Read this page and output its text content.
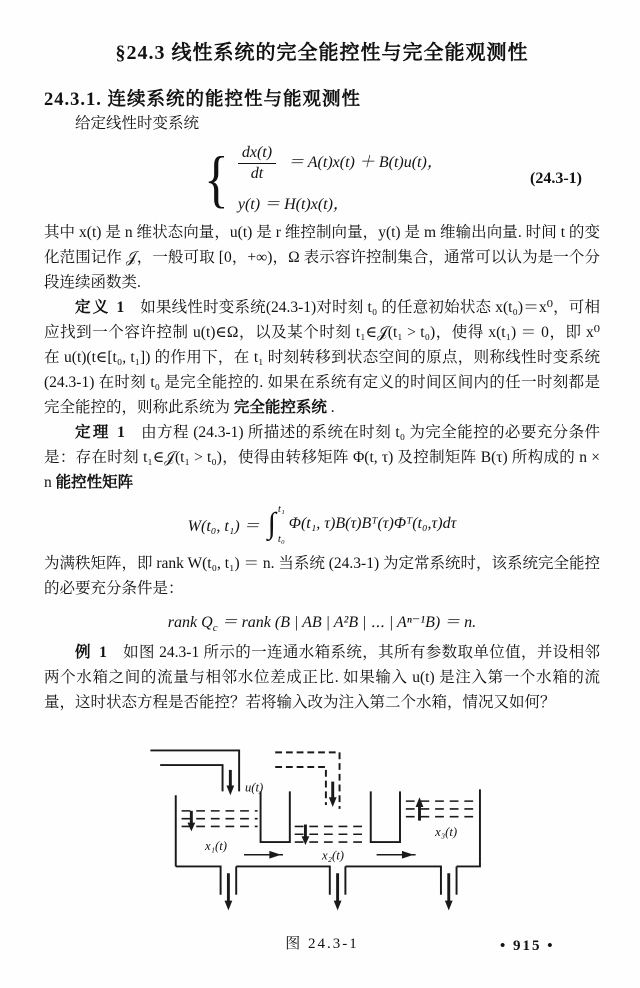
§24.3 线性系统的完全能控性与完全能观测性
24.3.1. 连续系统的能控性与能观测性

给定线性时变系统

{ $\frac{dx(t)}{dt} = A(t)x(t) + B(t)u(t)$，
y(t) ＝ H(t)x(t)，
(24.3-1)

其中 x(t) 是 n 维状态向量，u(t) 是 r 维控制向量，y(t) 是 m 维输出向量. 时间 t 的变化范围记作 𝒥，一般可取 [0，+∞)，Ω 表示容许控制集合，通常可以认为是一个分段连续函数类.

定义 1 如果线性时变系统(24.3-1)对时刻 t₀ 的任意初始状态 x(t₀)＝x⁰，可相应找到一个容许控制 u(t)∈Ω，以及某个时刻 t₁∈𝒥(t₁ > t₀)，使得 x(t₁) ＝ 0，即 x⁰ 在 u(t)(t∈[t₀, t₁]) 的作用下，在 t₁ 时刻转移到状态空间的原点，则称线性时变系统 (24.3-1) 在时刻 t₀ 是完全能控的. 如果在系统有定义的时间区间内的任一时刻都是完全能控的，则称此系统为 完全能控系统 .

定理 1 由方程 (24.3-1) 所描述的系统在时刻 t₀ 为完全能控的必要充分条件是：存在时刻 t₁∈𝒥(t₁ > t₀)，使得由转移矩阵 Φ(t, τ) 及控制矩阵 B(τ) 所构成的 n × n 能控性矩阵

W(t₀, t₁) ＝ ∫ t₁
t₀
Φ(t₁, τ)B(τ)Bᵀ(τ)Φᵀ(t₀,τ)dτ

为满秩矩阵，即 rank W(t₀, t₁) ＝ n. 当系统 (24.3-1) 为定常系统时，该系统完全能控的必要充分条件是：

rank $Q_c$ ＝ rank (B | AB | A²B | ⋯ | Aⁿ⁻¹B) ＝ n.

例 1 如图 24.3-1 所示的一连通水箱系统，其所有参数取单位值，并设相邻两个水箱之间的流量与相邻水位差成正比. 如果输入 u(t) 是注入第一个水箱的流量，这时状态方程是否能控？若将输入改为注入第二个水箱，情况又如何？

u(t)
x₁(t)
x₂(t)
x₃(t)
图 24.3-1	• 915 •
